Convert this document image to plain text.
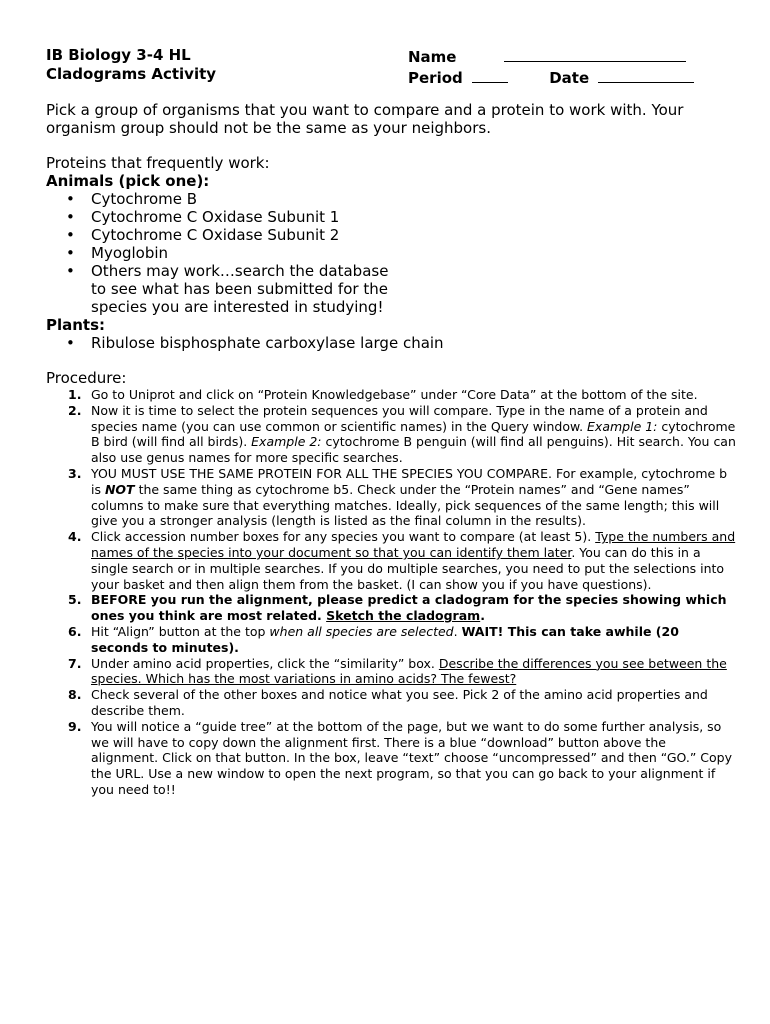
IB Biology 3-4 HL
Cladograms Activity
Name
Period	Date
Pick a group of organisms that you want to compare and a protein to work with. Your organism group should not be the same as your neighbors.
Proteins that frequently work:
Animals (pick one):
• Cytochrome B
• Cytochrome C Oxidase Subunit 1
• Cytochrome C Oxidase Subunit 2
• Myoglobin
• Others may work…search the database to see what has been submitted for the species you are interested in studying!
Plants:
• Ribulose bisphosphate carboxylase large chain
Procedure:
1. Go to Uniprot and click on “Protein Knowledgebase” under “Core Data” at the bottom of the site.
2. Now it is time to select the protein sequences you will compare. Type in the name of a protein and species name (you can use common or scientific names) in the Query window. Example 1: cytochrome B bird (will find all birds). Example 2: cytochrome B penguin (will find all penguins). Hit search. You can also use genus names for more specific searches.
3. YOU MUST USE THE SAME PROTEIN FOR ALL THE SPECIES YOU COMPARE. For example, cytochrome b is NOT the same thing as cytochrome b5. Check under the “Protein names” and “Gene names” columns to make sure that everything matches. Ideally, pick sequences of the same length; this will give you a stronger analysis (length is listed as the final column in the results).
4. Click accession number boxes for any species you want to compare (at least 5). Type the numbers and names of the species into your document so that you can identify them later. You can do this in a single search or in multiple searches. If you do multiple searches, you need to put the selections into your basket and then align them from the basket. (I can show you if you have questions).
5. BEFORE you run the alignment, please predict a cladogram for the species showing which ones you think are most related. Sketch the cladogram.
6. Hit “Align” button at the top when all species are selected. WAIT! This can take awhile (20 seconds to minutes).
7. Under amino acid properties, click the “similarity” box. Describe the differences you see between the species. Which has the most variations in amino acids? The fewest?
8. Check several of the other boxes and notice what you see. Pick 2 of the amino acid properties and describe them.
9. You will notice a “guide tree” at the bottom of the page, but we want to do some further analysis, so we will have to copy down the alignment first. There is a blue “download” button above the alignment. Click on that button. In the box, leave “text” choose “uncompressed” and then “GO.” Copy the URL. Use a new window to open the next program, so that you can go back to your alignment if you need to!!
